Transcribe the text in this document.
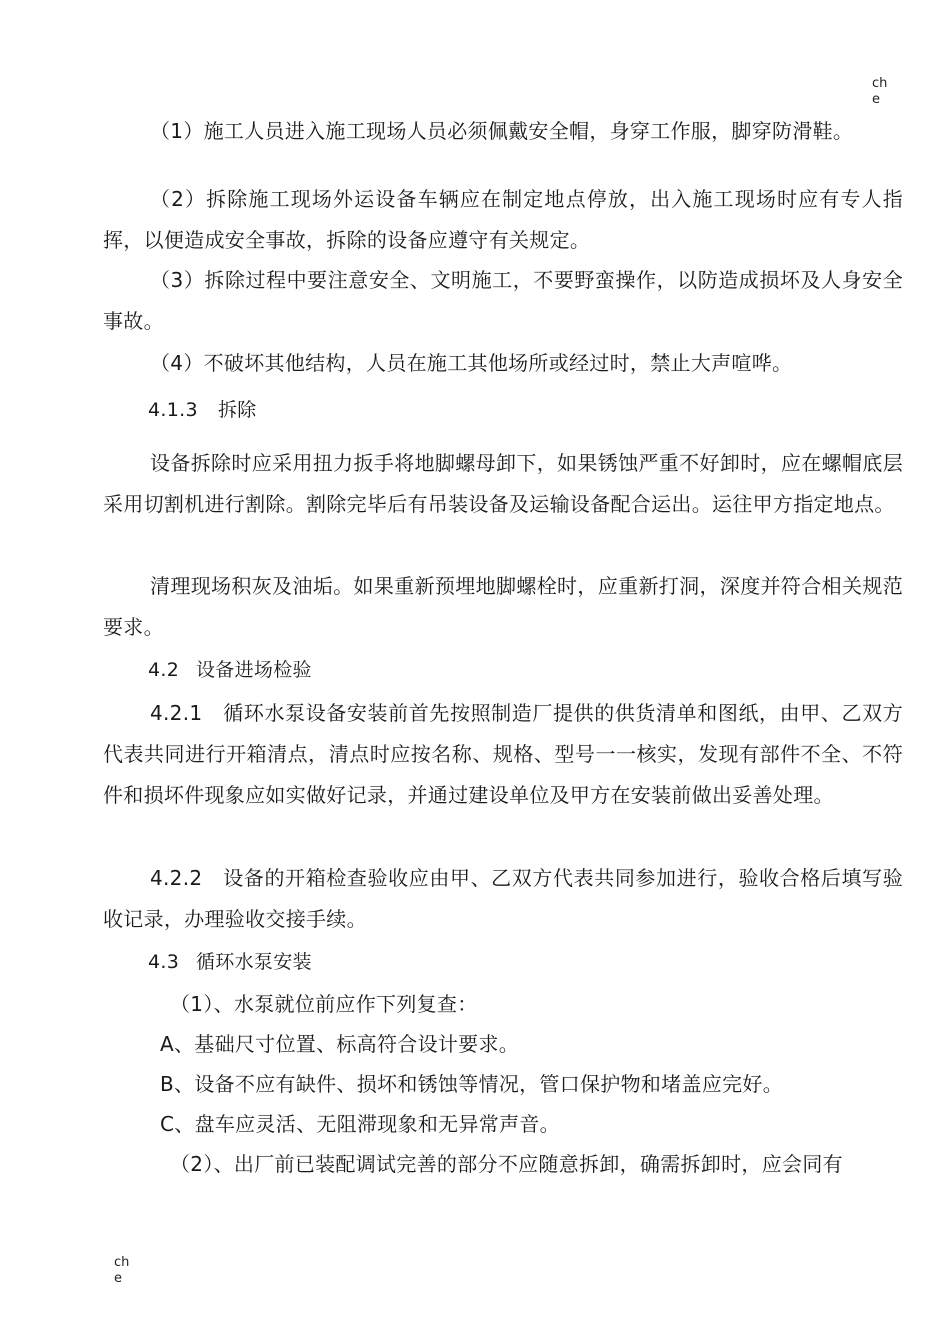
ch
e
（1）施工人员进入施工现场人员必须佩戴安全帽，身穿工作服，脚穿防滑鞋。
（2）拆除施工现场外运设备车辆应在制定地点停放，出入施工现场时应有专人指挥，以便造成安全事故，拆除的设备应遵守有关规定。
（3）拆除过程中要注意安全、文明施工，不要野蛮操作，以防造成损坏及人身安全事故。
（4）不破坏其他结构，人员在施工其他场所或经过时，禁止大声喧哗。
4.1.3 拆除
设备拆除时应采用扭力扳手将地脚螺母卸下，如果锈蚀严重不好卸时，应在螺帽底层采用切割机进行割除。割除完毕后有吊装设备及运输设备配合运出。运往甲方指定地点。
清理现场积灰及油垢。如果重新预埋地脚螺栓时，应重新打洞，深度并符合相关规范要求。
4.2 设备进场检验
4.2.1　循环水泵设备安装前首先按照制造厂提供的供货清单和图纸，由甲、乙双方代表共同进行开箱清点，清点时应按名称、规格、型号一一核实，发现有部件不全、不符件和损坏件现象应如实做好记录，并通过建设单位及甲方在安装前做出妥善处理。
4.2.2　设备的开箱检查验收应由甲、乙双方代表共同参加进行，验收合格后填写验收记录，办理验收交接手续。
4.3 循环水泵安装
（1）、水泵就位前应作下列复查：
A、基础尺寸位置、标高符合设计要求。
B、设备不应有缺件、损坏和锈蚀等情况，管口保护物和堵盖应完好。
C、盘车应灵活、无阻滞现象和无异常声音。
（2）、出厂前已装配调试完善的部分不应随意拆卸，确需拆卸时，应会同有
ch
e
